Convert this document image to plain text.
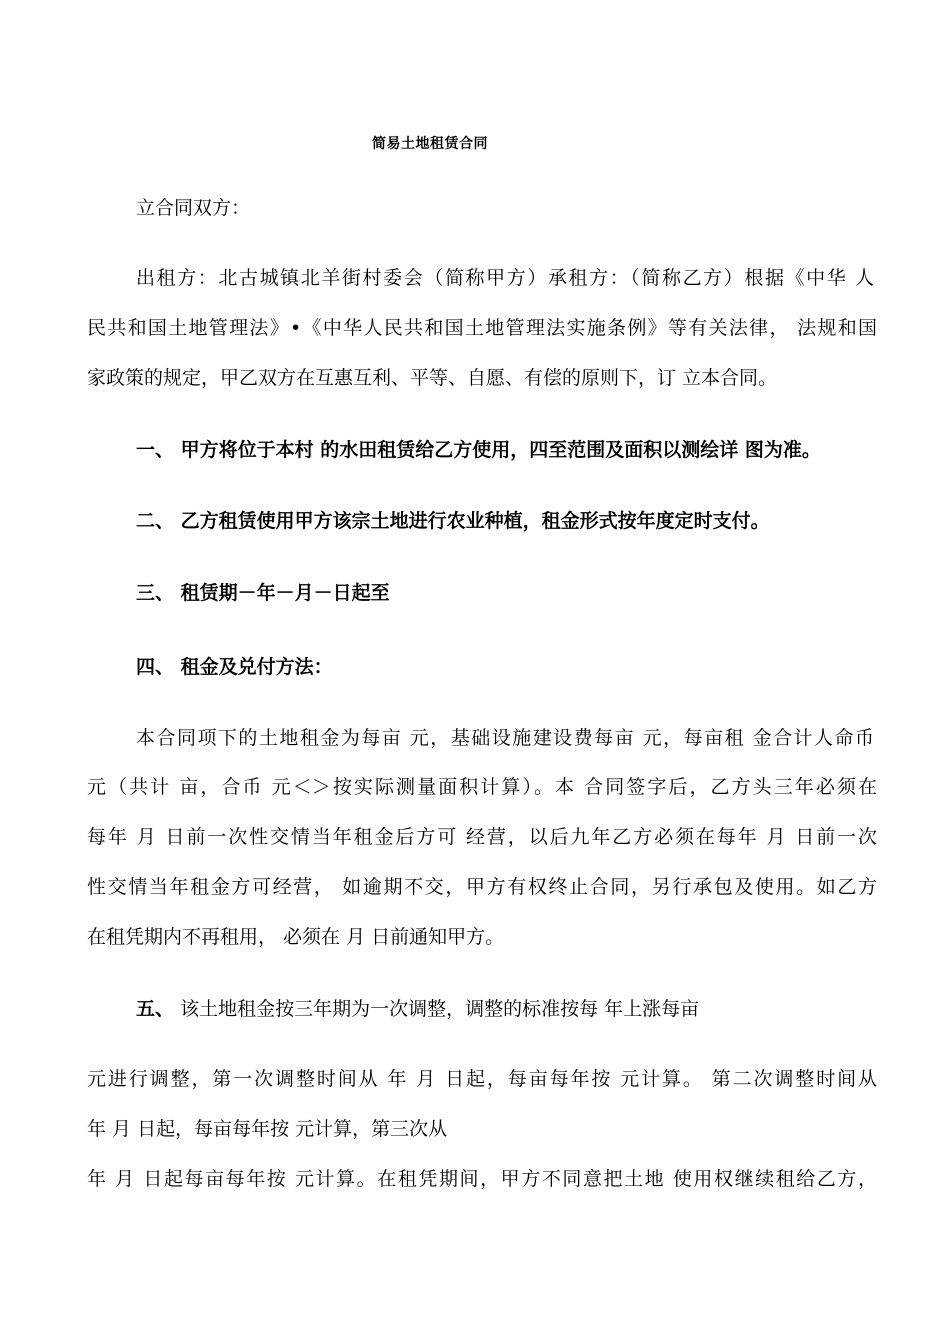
简易土地租赁合同
立合同双方：
出租方：北古城镇北羊街村委会（简称甲方）承租方：（简称乙方）根据《中华 人
民共和国土地管理法》•《中华人民共和国土地管理法实施条例》等有关法律， 法规和国
家政策的规定，甲乙双方在互惠互利、平等、自愿、有偿的原则下，订 立本合同。
一、 甲方将位于本村 的水田租赁给乙方使用，四至范围及面积以测绘详 图为准。
二、 乙方租赁使用甲方该宗土地进行农业种植，租金形式按年度定时支付。
三、 租赁期－年－月－日起至
四、 租金及兑付方法：
本合同项下的土地租金为每亩 元，基础设施建设费每亩 元，每亩租 金合计人命币
元（共计 亩，合币 元＜＞按实际测量面积计算）。本 合同签字后，乙方头三年必须在
每年 月 日前一次性交情当年租金后方可 经营，以后九年乙方必须在每年 月 日前一次
性交情当年租金方可经营， 如逾期不交，甲方有权终止合同，另行承包及使用。如乙方
在租凭期内不再租用， 必须在 月 日前通知甲方。
五、 该土地租金按三年期为一次调整，调整的标准按每 年上涨每亩
元进行调整，第一次调整时间从 年 月 日起，每亩每年按 元计算。 第二次调整时间从
年 月 日起，每亩每年按 元计算，第三次从
年 月 日起每亩每年按 元计算。在租凭期间，甲方不同意把土地 使用权继续租给乙方，
